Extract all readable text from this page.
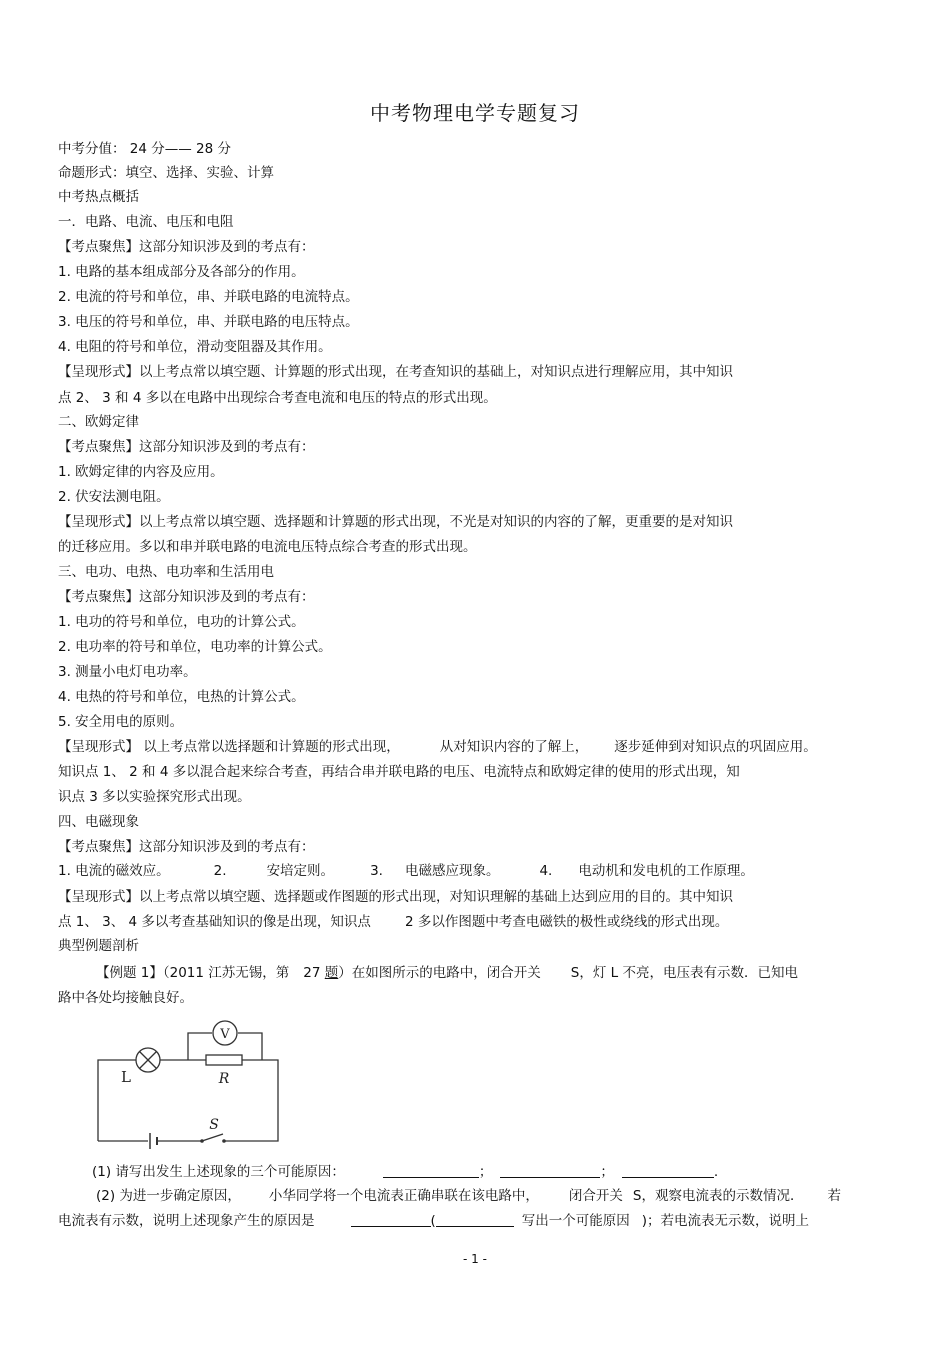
中考物理电学专题复习
中考分值： 24 分—— 28 分
命题形式：填空、选择、实验、计算
中考热点概括
一．电路、电流、电压和电阻
【考点聚焦】这部分知识涉及到的考点有：
1. 电路的基本组成部分及各部分的作用。
2. 电流的符号和单位，串、并联电路的电流特点。
3. 电压的符号和单位，串、并联电路的电压特点。
4. 电阻的符号和单位，滑动变阻器及其作用。
【呈现形式】以上考点常以填空题、计算题的形式出现，在考查知识的基础上，对知识点进行理解应用，其中知识
点 2、 3 和 4 多以在电路中出现综合考查电流和电压的特点的形式出现。
二、欧姆定律
【考点聚焦】这部分知识涉及到的考点有：
1. 欧姆定律的内容及应用。
2. 伏安法测电阻。
【呈现形式】以上考点常以填空题、选择题和计算题的形式出现，不光是对知识的内容的了解，更重要的是对知识
的迁移应用。多以和串并联电路的电流电压特点综合考查的形式出现。
三、电功、电热、电功率和生活用电
【考点聚焦】这部分知识涉及到的考点有：
1. 电功的符号和单位，电功的计算公式。
2. 电功率的符号和单位，电功率的计算公式。
3. 测量小电灯电功率。
4. 电热的符号和单位，电热的计算公式。
5. 安全用电的原则。
【呈现形式】 以上考点常以选择题和计算题的形式出现，	从对知识内容的了解上， 逐步延伸到对知识点的巩固应用。
知识点 1、 2 和 4 多以混合起来综合考查，再结合串并联电路的电压、电流特点和欧姆定律的使用的形式出现，知
识点 3 多以实验探究形式出现。
四、电磁现象
【考点聚焦】这部分知识涉及到的考点有：
1. 电流的磁效应。	2.	安培定则。	3. 电磁感应现象。	4. 电动机和发电机的工作原理。
【呈现形式】以上考点常以填空题、选择题或作图题的形式出现，对知识理解的基础上达到应用的目的。其中知识
点 1、 3、 4 多以考查基础知识的像是出现，知识点	2 多以作图题中考查电磁铁的极性或绕线的形式出现。
典型例题剖析
【例题 1】（2011 江苏无锡，第 27 题）在如图所示的电路中，闭合开关 S，灯 L 不亮，电压表有示数．已知电
路中各处均接触良好。
V
L	R
S
(1) 请写出发生上述现象的三个可能原因：	；	；	.
(2) 为进一步确定原因， 小华同学将一个电流表正确串联在该电路中， 闭合开关 S，观察电流表的示数情况． 若
电流表有示数，说明上述现象产生的原因是	(	写出一个可能原因 )；若电流表无示数，说明上
- 1 -
